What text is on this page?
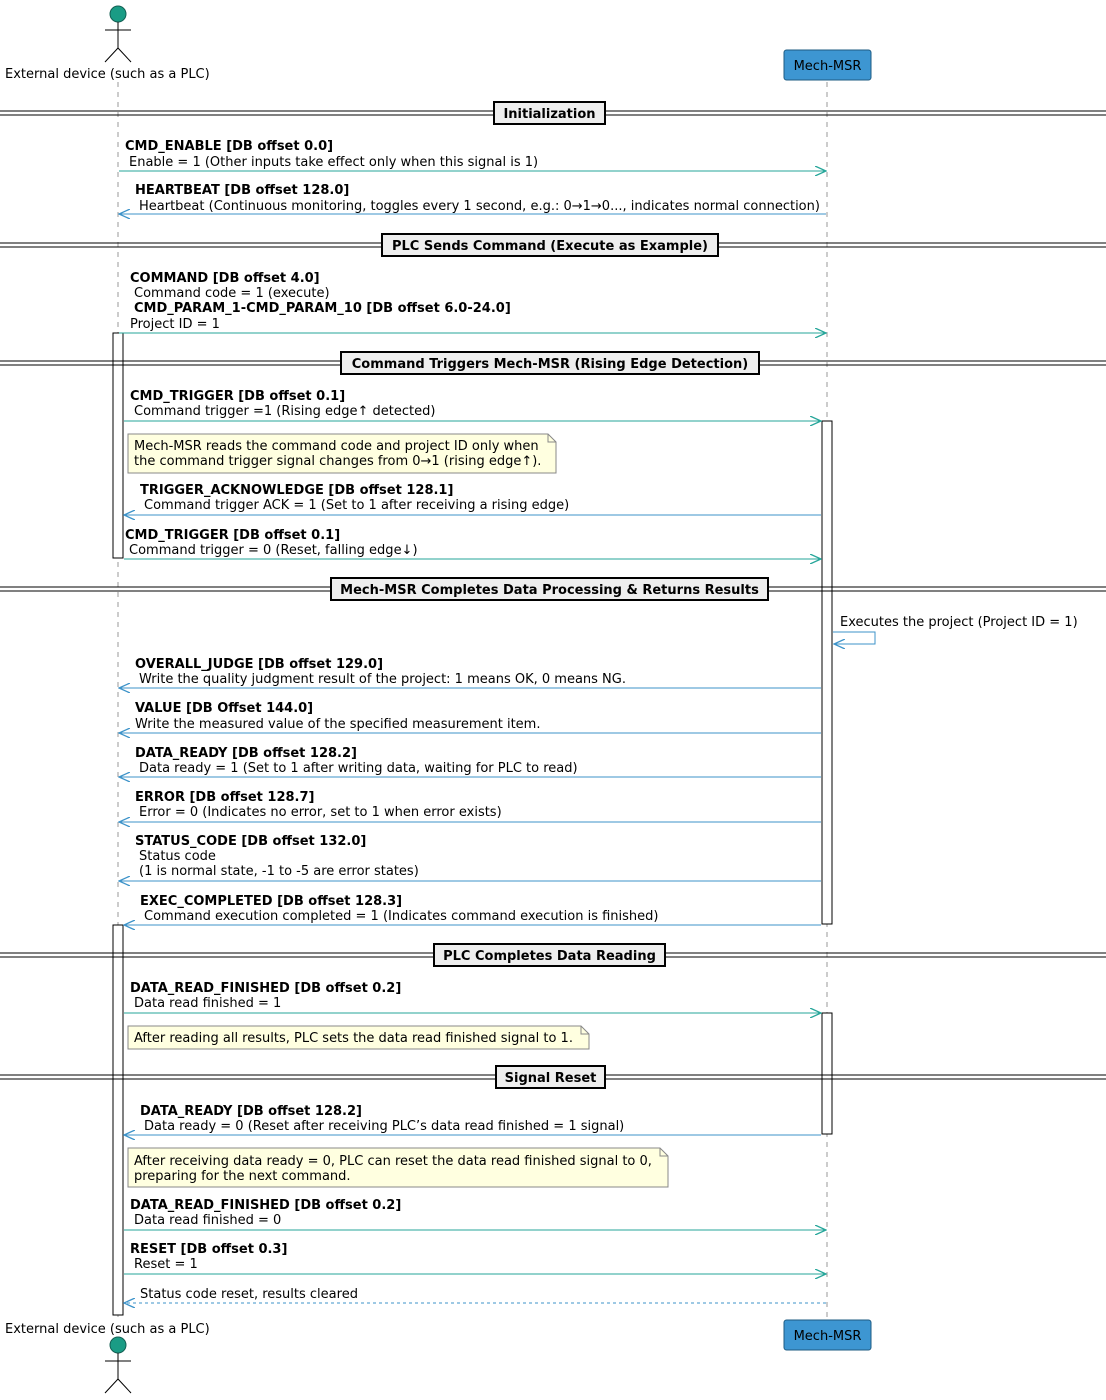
External device (such as a PLC)
Mech-MSR
External device (such as a PLC)	Mech-MSR
Initialization
PLC Sends Command (Execute as Example)
Command Triggers Mech-MSR (Rising Edge Detection)
Mech-MSR Completes Data Processing & Returns Results
PLC Completes Data Reading
Signal Reset
Mech-MSR reads the command code and project ID only when
the command trigger signal changes from 0→1 (rising edge↑).
After reading all results, PLC sets the data read finished signal to 1.
After receiving data ready = 0, PLC can reset the data read finished signal to 0,
preparing for the next command.
CMD_ENABLE [DB offset 0.0]
Enable = 1 (Other inputs take effect only when this signal is 1)
HEARTBEAT [DB offset 128.0]
Heartbeat (Continuous monitoring, toggles every 1 second, e.g.: 0→1→0..., indicates normal connection)
COMMAND [DB offset 4.0]
Command code = 1 (execute)
CMD_PARAM_1-CMD_PARAM_10 [DB offset 6.0-24.0]
Project ID = 1
CMD_TRIGGER [DB offset 0.1]
Command trigger =1 (Rising edge↑ detected)
TRIGGER_ACKNOWLEDGE [DB offset 128.1]
Command trigger ACK = 1 (Set to 1 after receiving a rising edge)
CMD_TRIGGER [DB offset 0.1]
Command trigger = 0 (Reset, falling edge↓)
Executes the project (Project ID = 1)
OVERALL_JUDGE [DB offset 129.0]
Write the quality judgment result of the project: 1 means OK, 0 means NG.
VALUE [DB Offset 144.0]
Write the measured value of the specified measurement item.
DATA_READY [DB offset 128.2]
Data ready = 1 (Set to 1 after writing data, waiting for PLC to read)
ERROR [DB offset 128.7]
Error = 0 (Indicates no error, set to 1 when error exists)
STATUS_CODE [DB offset 132.0]
Status code
(1 is normal state, -1 to -5 are error states)
EXEC_COMPLETED [DB offset 128.3]
Command execution completed = 1 (Indicates command execution is finished)
DATA_READ_FINISHED [DB offset 0.2]
Data read finished = 1
DATA_READY [DB offset 128.2]
Data ready = 0 (Reset after receiving PLC’s data read finished = 1 signal)
DATA_READ_FINISHED [DB offset 0.2]
Data read finished = 0
RESET [DB offset 0.3]
Reset = 1
Status code reset, results cleared
